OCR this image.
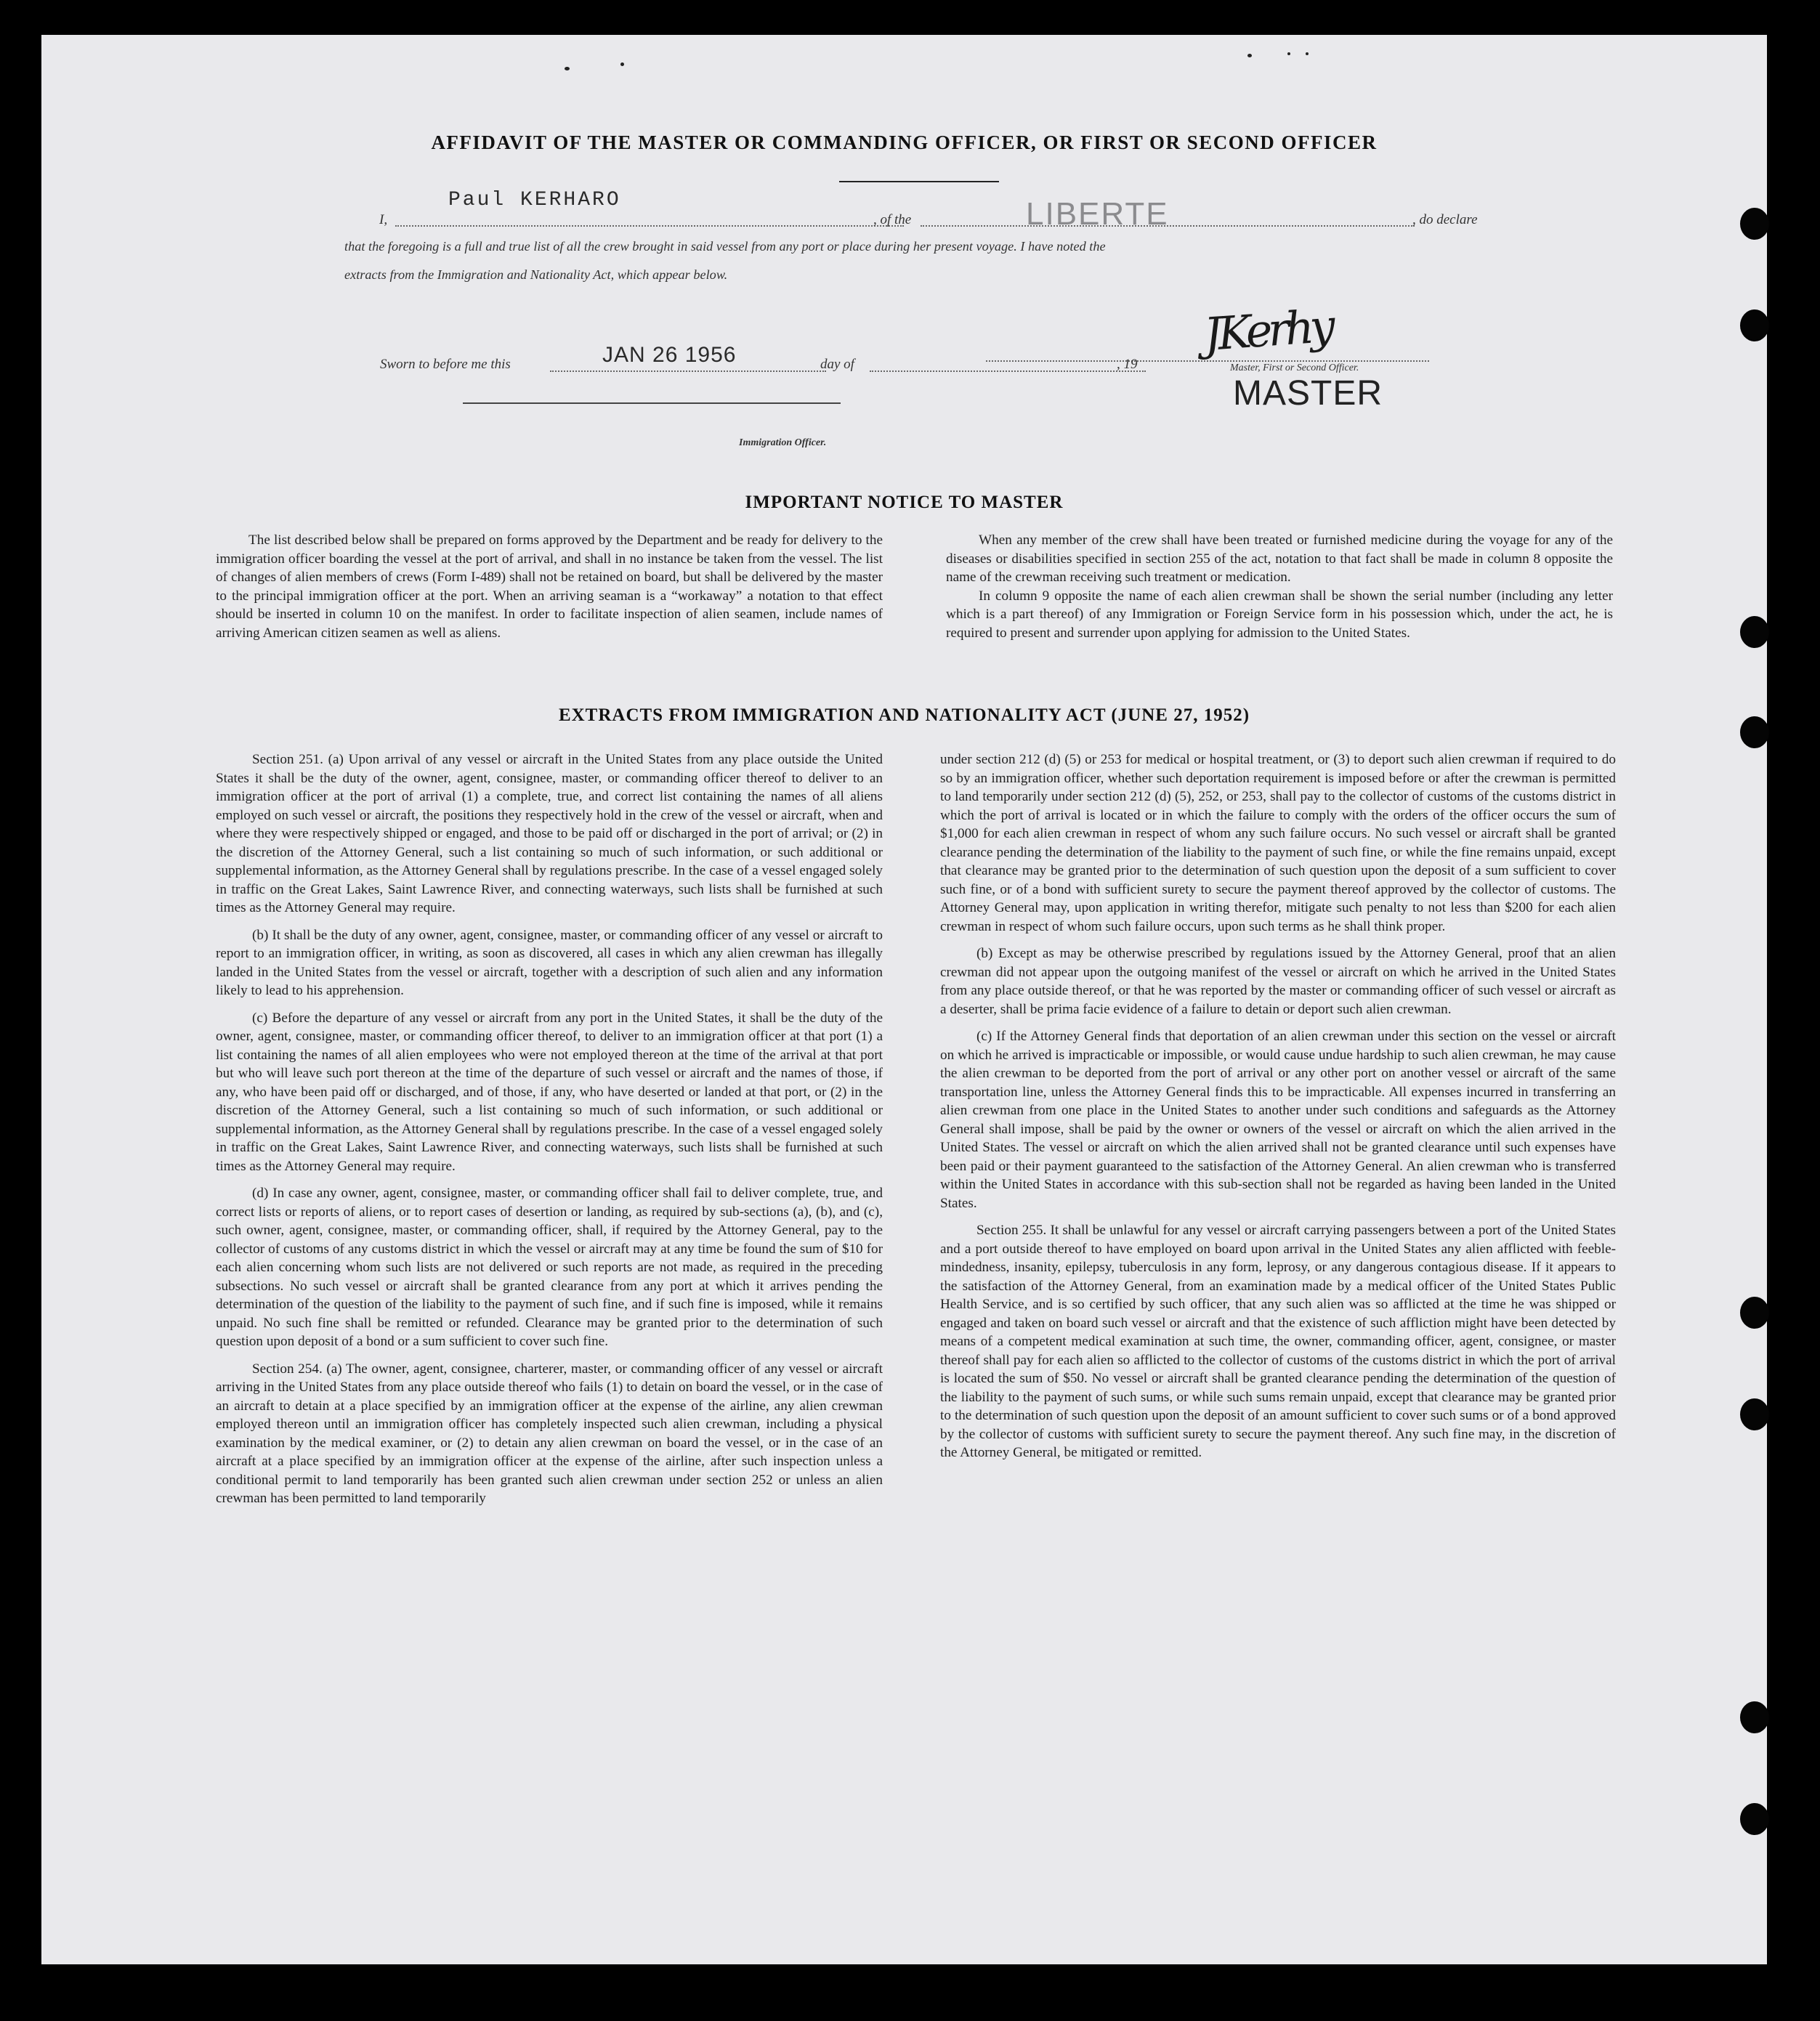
AFFIDAVIT OF THE MASTER OR COMMANDING OFFICER, OR FIRST OR SECOND OFFICER
Paul KERHARO
I,	, of the	LIBERTE	, do declare
that the foregoing is a full and true list of all the crew brought in said vessel from any port or place during her present voyage. I have noted the
extracts from the Immigration and Nationality Act, which appear below.
JKerhy
Master, First or Second Officer.
MASTER
Sworn to before me this	JAN 26 1956	day of	, 19
Immigration Officer.
IMPORTANT NOTICE TO MASTER

The list described below shall be prepared on forms approved by the Department and be ready for delivery to the immigration officer boarding the vessel at the port of arrival, and shall in no instance be taken from the vessel. The list of changes of alien members of crews (Form I-489) shall not be retained on board, but shall be delivered by the master to the principal immigration officer at the port. When an arriving seaman is a “workaway” a notation to that effect should be inserted in column 10 on the manifest. In order to facilitate inspection of alien seamen, include names of arriving American citizen seamen as well as aliens.

When any member of the crew shall have been treated or furnished medicine during the voyage for any of the diseases or disabilities specified in section 255 of the act, notation to that fact shall be made in column 8 opposite the name of the crewman receiving such treatment or medication.

In column 9 opposite the name of each alien crewman shall be shown the serial number (including any letter which is a part thereof) of any Immigration or Foreign Service form in his possession which, under the act, he is required to present and surrender upon applying for admission to the United States.

EXTRACTS FROM IMMIGRATION AND NATIONALITY ACT (JUNE 27, 1952)

Section 251. (a) Upon arrival of any vessel or aircraft in the United States from any place outside the United States it shall be the duty of the owner, agent, consignee, master, or commanding officer thereof to deliver to an immigration officer at the port of arrival (1) a complete, true, and correct list containing the names of all aliens employed on such vessel or aircraft, the positions they respectively hold in the crew of the vessel or aircraft, when and where they were respectively shipped or engaged, and those to be paid off or discharged in the port of arrival; or (2) in the discretion of the Attorney General, such a list containing so much of such information, or such additional or supplemental information, as the Attorney General shall by regulations prescribe. In the case of a vessel engaged solely in traffic on the Great Lakes, Saint Lawrence River, and connecting waterways, such lists shall be furnished at such times as the Attorney General may require.

(b) It shall be the duty of any owner, agent, consignee, master, or commanding officer of any vessel or aircraft to report to an immigration officer, in writing, as soon as discovered, all cases in which any alien crewman has illegally landed in the United States from the vessel or aircraft, together with a description of such alien and any information likely to lead to his apprehension.

(c) Before the departure of any vessel or aircraft from any port in the United States, it shall be the duty of the owner, agent, consignee, master, or commanding officer thereof, to deliver to an immigration officer at that port (1) a list containing the names of all alien employees who were not employed thereon at the time of the arrival at that port but who will leave such port thereon at the time of the departure of such vessel or aircraft and the names of those, if any, who have been paid off or discharged, and of those, if any, who have deserted or landed at that port, or (2) in the discretion of the Attorney General, such a list containing so much of such information, or such additional or supplemental information, as the Attorney General shall by regulations prescribe. In the case of a vessel engaged solely in traffic on the Great Lakes, Saint Lawrence River, and connecting waterways, such lists shall be furnished at such times as the Attorney General may require.

(d) In case any owner, agent, consignee, master, or commanding officer shall fail to deliver complete, true, and correct lists or reports of aliens, or to report cases of desertion or landing, as required by sub-sections (a), (b), and (c), such owner, agent, consignee, master, or commanding officer, shall, if required by the Attorney General, pay to the collector of customs of any customs district in which the vessel or aircraft may at any time be found the sum of $10 for each alien concerning whom such lists are not delivered or such reports are not made, as required in the preceding subsections. No such vessel or aircraft shall be granted clearance from any port at which it arrives pending the determination of the question of the liability to the payment of such fine, and if such fine is imposed, while it remains unpaid. No such fine shall be remitted or refunded. Clearance may be granted prior to the determination of such question upon deposit of a bond or a sum sufficient to cover such fine.

Section 254. (a) The owner, agent, consignee, charterer, master, or commanding officer of any vessel or aircraft arriving in the United States from any place outside thereof who fails (1) to detain on board the vessel, or in the case of an aircraft to detain at a place specified by an immigration officer at the expense of the airline, any alien crewman employed thereon until an immigration officer has completely inspected such alien crewman, including a physical examination by the medical examiner, or (2) to detain any alien crewman on board the vessel, or in the case of an aircraft at a place specified by an immigration officer at the expense of the airline, after such inspection unless a conditional permit to land temporarily has been granted such alien crewman under section 252 or unless an alien crewman has been permitted to land temporarily

under section 212 (d) (5) or 253 for medical or hospital treatment, or (3) to deport such alien crewman if required to do so by an immigration officer, whether such deportation requirement is imposed before or after the crewman is permitted to land temporarily under section 212 (d) (5), 252, or 253, shall pay to the collector of customs of the customs district in which the port of arrival is located or in which the failure to comply with the orders of the officer occurs the sum of $1,000 for each alien crewman in respect of whom any such failure occurs. No such vessel or aircraft shall be granted clearance pending the determination of the liability to the payment of such fine, or while the fine remains unpaid, except that clearance may be granted prior to the determination of such question upon the deposit of a sum sufficient to cover such fine, or of a bond with sufficient surety to secure the payment thereof approved by the collector of customs. The Attorney General may, upon application in writing therefor, mitigate such penalty to not less than $200 for each alien crewman in respect of whom such failure occurs, upon such terms as he shall think proper.

(b) Except as may be otherwise prescribed by regulations issued by the Attorney General, proof that an alien crewman did not appear upon the outgoing manifest of the vessel or aircraft on which he arrived in the United States from any place outside thereof, or that he was reported by the master or commanding officer of such vessel or aircraft as a deserter, shall be prima facie evidence of a failure to detain or deport such alien crewman.

(c) If the Attorney General finds that deportation of an alien crewman under this section on the vessel or aircraft on which he arrived is impracticable or impossible, or would cause undue hardship to such alien crewman, he may cause the alien crewman to be deported from the port of arrival or any other port on another vessel or aircraft of the same transportation line, unless the Attorney General finds this to be impracticable. All expenses incurred in transferring an alien crewman from one place in the United States to another under such conditions and safeguards as the Attorney General shall impose, shall be paid by the owner or owners of the vessel or aircraft on which the alien arrived in the United States. The vessel or aircraft on which the alien arrived shall not be granted clearance until such expenses have been paid or their payment guaranteed to the satisfaction of the Attorney General. An alien crewman who is transferred within the United States in accordance with this sub-section shall not be regarded as having been landed in the United States.

Section 255. It shall be unlawful for any vessel or aircraft carrying passengers between a port of the United States and a port outside thereof to have employed on board upon arrival in the United States any alien afflicted with feeble-mindedness, insanity, epilepsy, tuberculosis in any form, leprosy, or any dangerous contagious disease. If it appears to the satisfaction of the Attorney General, from an examination made by a medical officer of the United States Public Health Service, and is so certified by such officer, that any such alien was so afflicted at the time he was shipped or engaged and taken on board such vessel or aircraft and that the existence of such affliction might have been detected by means of a competent medical examination at such time, the owner, commanding officer, agent, consignee, or master thereof shall pay for each alien so afflicted to the collector of customs of the customs district in which the port of arrival is located the sum of $50. No vessel or aircraft shall be granted clearance pending the determination of the question of the liability to the payment of such sums, or while such sums remain unpaid, except that clearance may be granted prior to the determination of such question upon the deposit of an amount sufficient to cover such sums or of a bond approved by the collector of customs with sufficient surety to secure the payment thereof. Any such fine may, in the discretion of the Attorney General, be mitigated or remitted.
